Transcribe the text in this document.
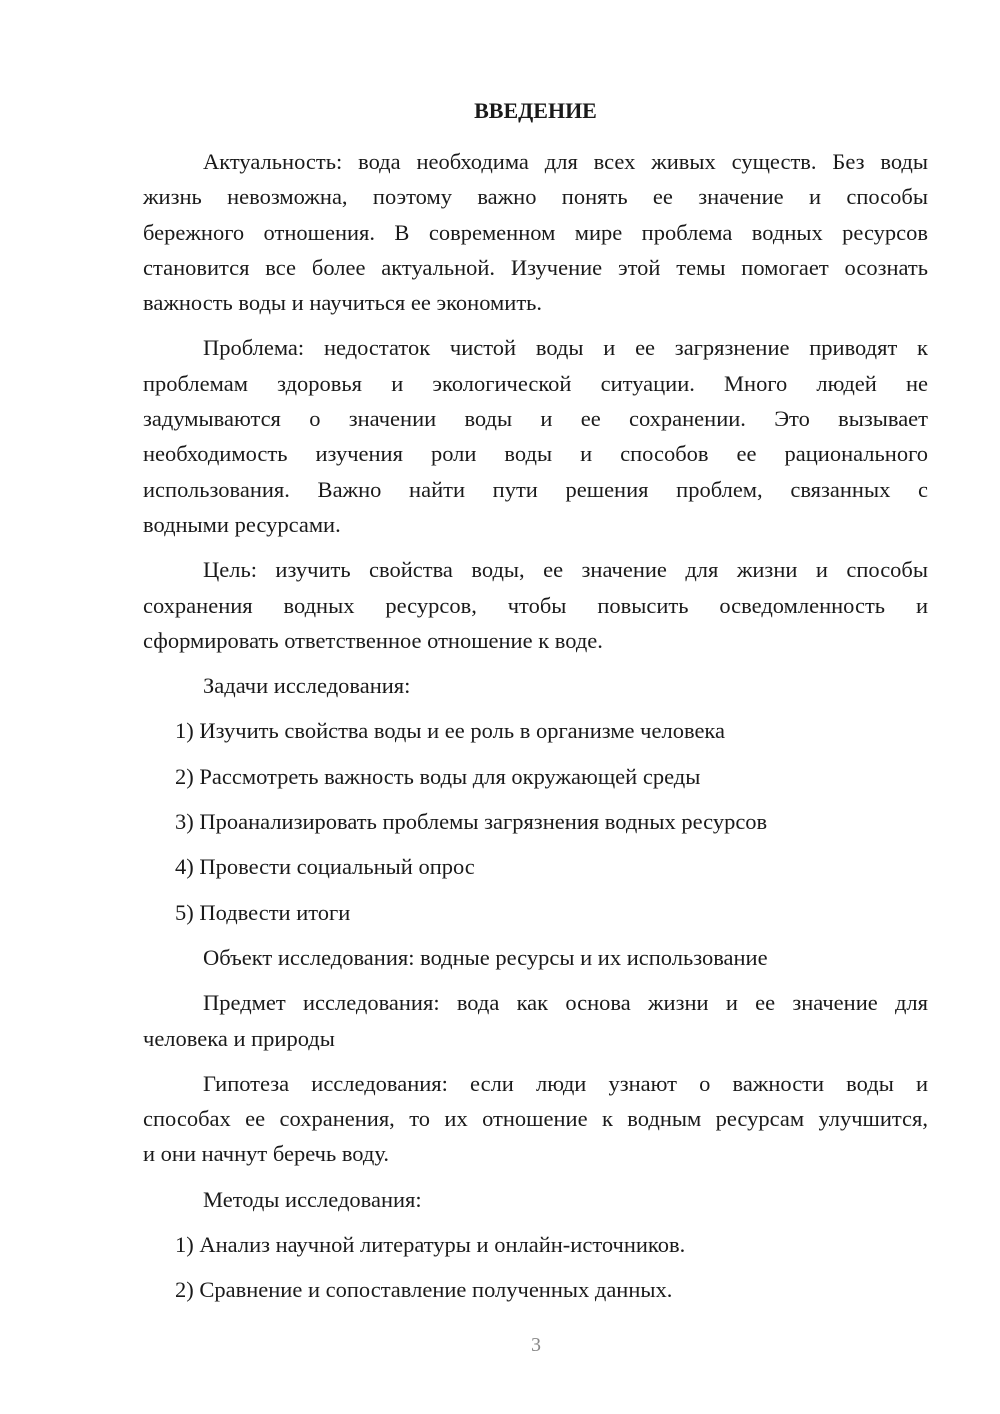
ВВЕДЕНИЕ
Актуальность: вода необходима для всех живых существ. Без воды
жизнь невозможна, поэтому важно понять ее значение и способы
бережного отношения. В современном мире проблема водных ресурсов
становится все более актуальной. Изучение этой темы помогает осознать
важность воды и научиться ее экономить.
Проблема: недостаток чистой воды и ее загрязнение приводят к
проблемам здоровья и экологической ситуации. Много людей не
задумываются о значении воды и ее сохранении. Это вызывает
необходимость изучения роли воды и способов ее рационального
использования. Важно найти пути решения проблем, связанных с
водными ресурсами.
Цель: изучить свойства воды, ее значение для жизни и способы
сохранения водных ресурсов, чтобы повысить осведомленность и
сформировать ответственное отношение к воде.
Задачи исследования:
1) Изучить свойства воды и ее роль в организме человека
2) Рассмотреть важность воды для окружающей среды
3) Проанализировать проблемы загрязнения водных ресурсов
4) Провести социальный опрос
5) Подвести итоги
Объект исследования: водные ресурсы и их использование
Предмет исследования: вода как основа жизни и ее значение для
человека и природы
Гипотеза исследования: если люди узнают о важности воды и
способах ее сохранения, то их отношение к водным ресурсам улучшится,
и они начнут беречь воду.
Методы исследования:
1) Анализ научной литературы и онлайн-источников.
2) Сравнение и сопоставление полученных данных.
3
